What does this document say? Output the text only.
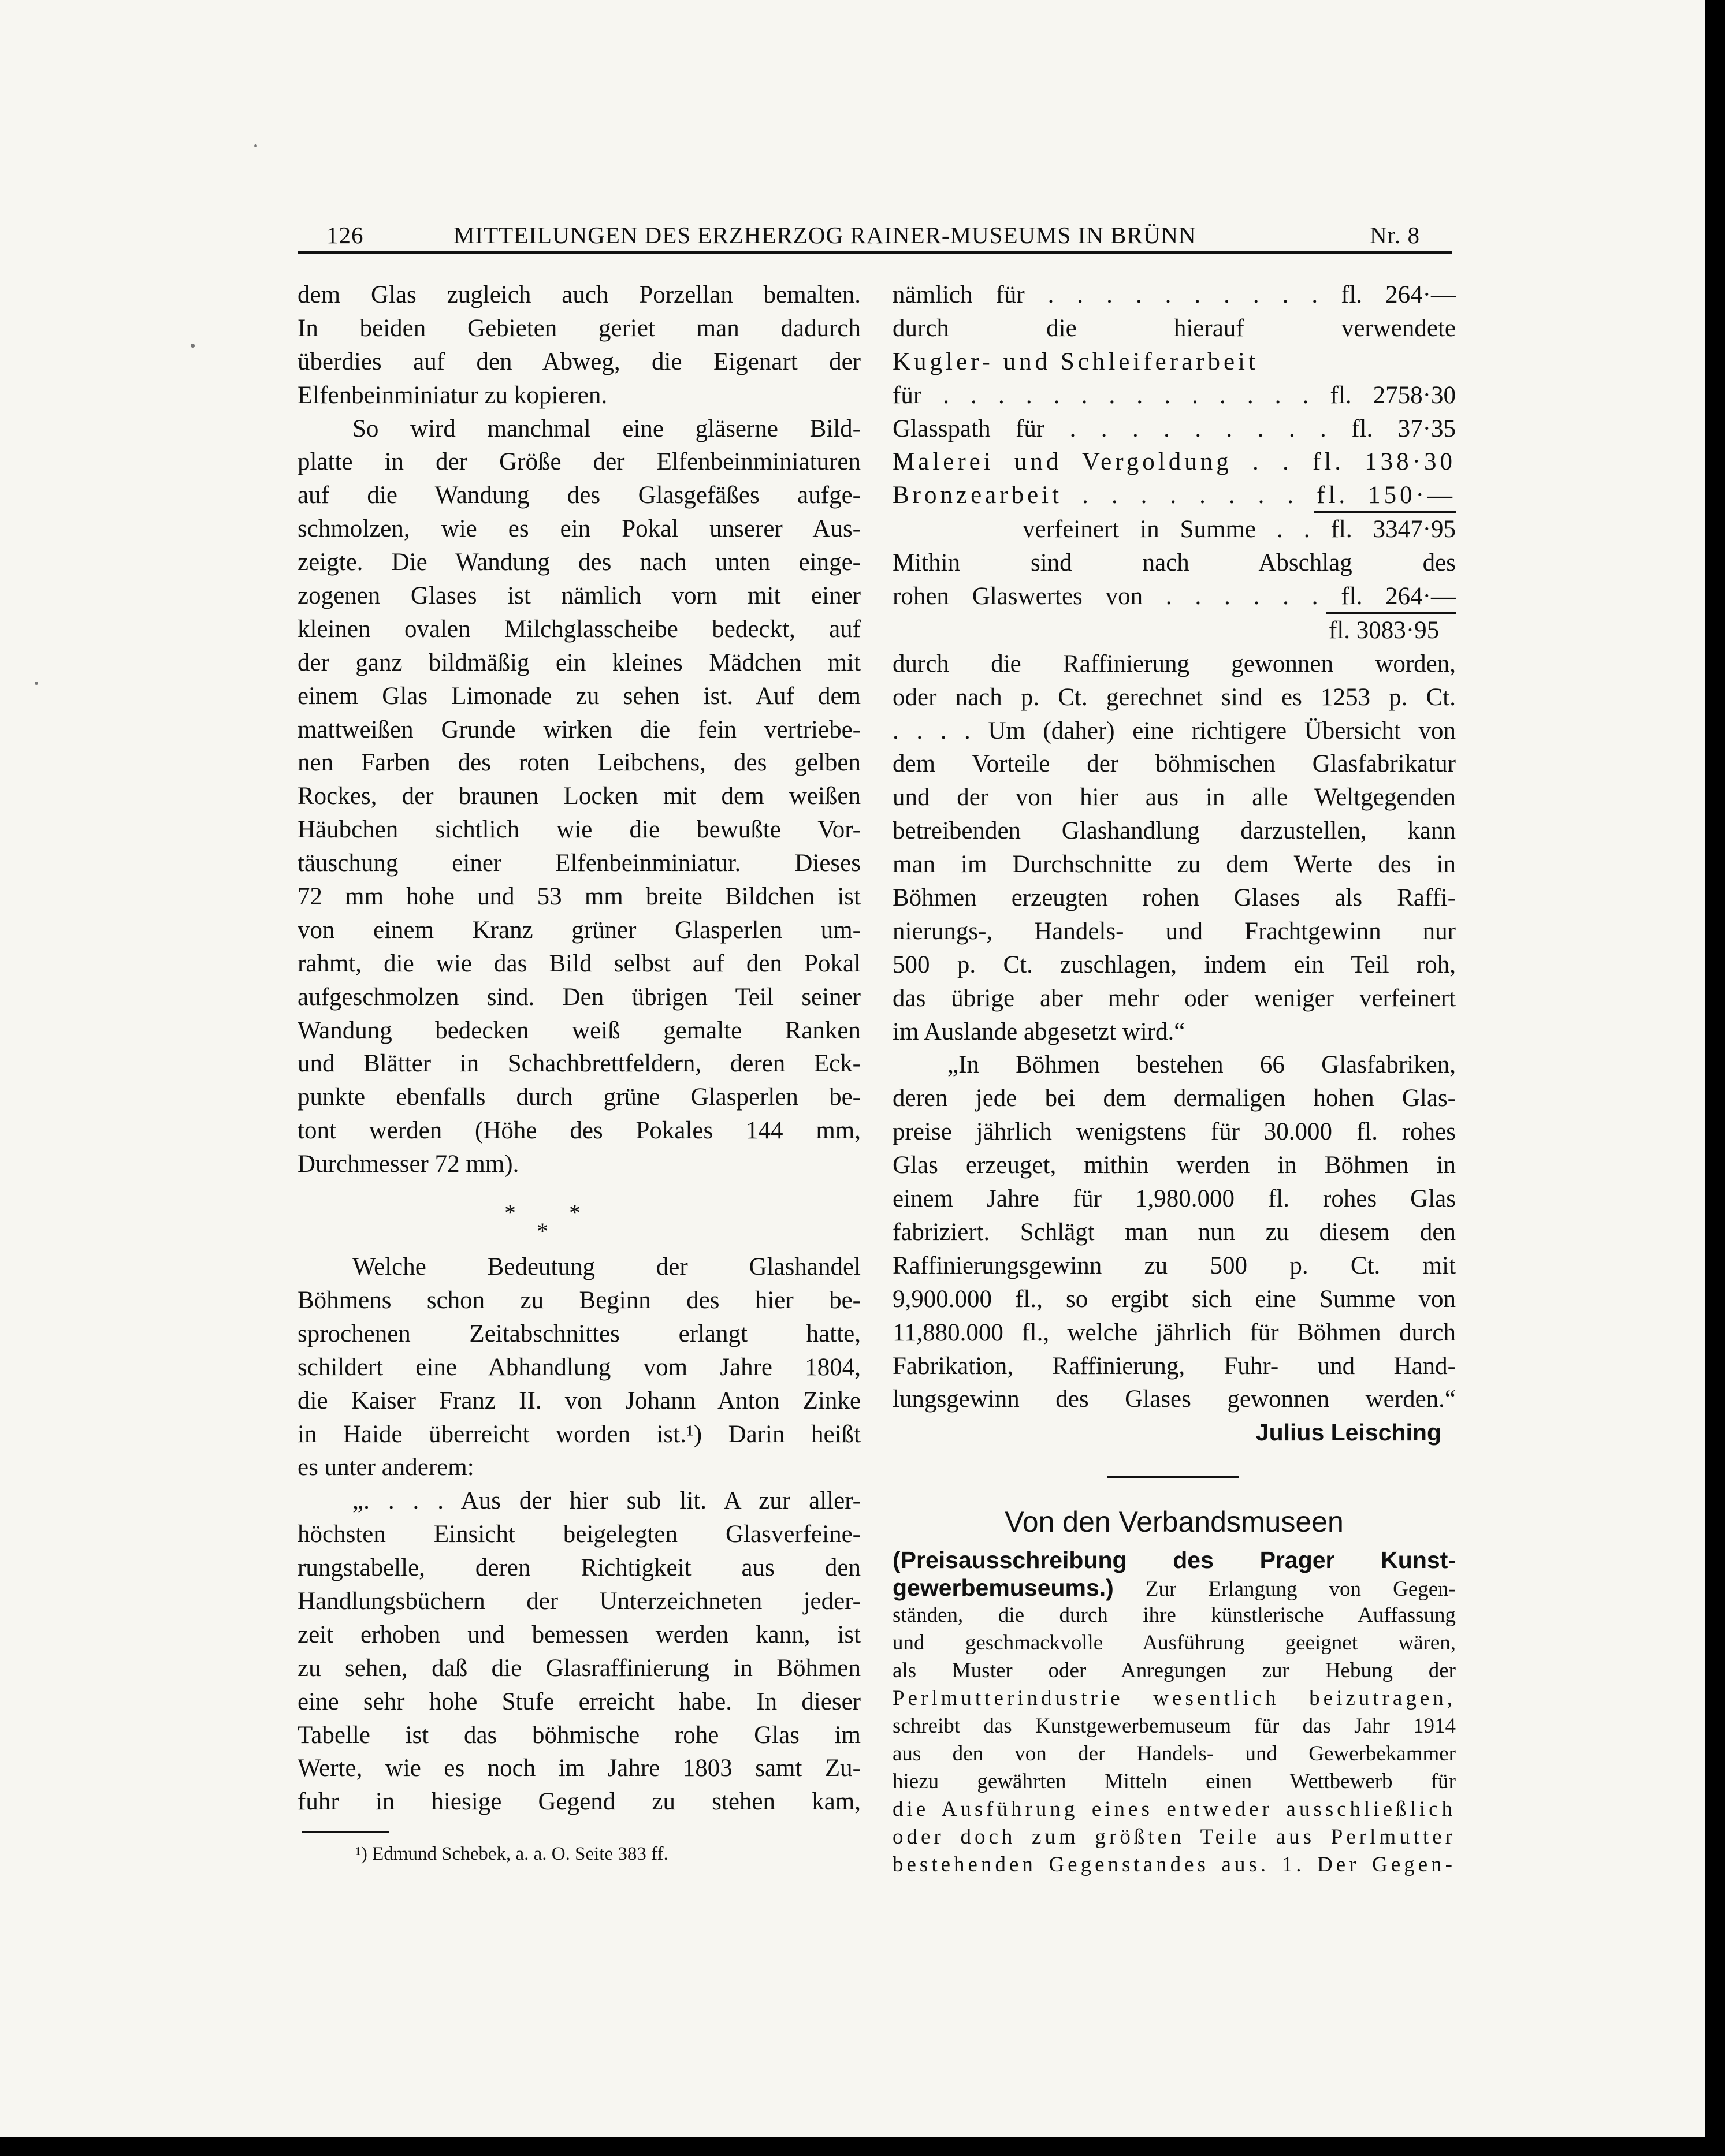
126	MITTEILUNGEN DES ERZHERZOG RAINER-MUSEUMS IN BRÜNN	Nr. 8
dem Glas zugleich auch Porzellan bemalten.
In beiden Gebieten geriet man dadurch
überdies auf den Abweg, die Eigenart der
Elfenbeinminiatur zu kopieren.
So wird manchmal eine gläserne Bild-
platte in der Größe der Elfenbeinminiaturen
auf die Wandung des Glasgefäßes aufge-
schmolzen, wie es ein Pokal unserer Aus-
zeigte. Die Wandung des nach unten einge-
zogenen Glases ist nämlich vorn mit einer
kleinen ovalen Milchglasscheibe bedeckt, auf
der ganz bildmäßig ein kleines Mädchen mit
einem Glas Limonade zu sehen ist. Auf dem
mattweißen Grunde wirken die fein vertriebe-
nen Farben des roten Leibchens, des gelben
Rockes, der braunen Locken mit dem weißen
Häubchen sichtlich wie die bewußte Vor-
täuschung einer Elfenbeinminiatur. Dieses
72 mm hohe und 53 mm breite Bildchen ist
von einem Kranz grüner Glasperlen um-
rahmt, die wie das Bild selbst auf den Pokal
aufgeschmolzen sind. Den übrigen Teil seiner
Wandung bedecken weiß gemalte Ranken
und Blätter in Schachbrettfeldern, deren Eck-
punkte ebenfalls durch grüne Glasperlen be-
tont werden (Höhe des Pokales 144 mm,
Durchmesser 72 mm).
* *
*
Welche Bedeutung der Glashandel
Böhmens schon zu Beginn des hier be-
sprochenen Zeitabschnittes erlangt hatte,
schildert eine Abhandlung vom Jahre 1804,
die Kaiser Franz II. von Johann Anton Zinke
in Haide überreicht worden ist.¹) Darin heißt
es unter anderem:
„. . . . Aus der hier sub lit. A zur aller-
höchsten Einsicht beigelegten Glasverfeine-
rungstabelle, deren Richtigkeit aus den
Handlungsbüchern der Unterzeichneten jeder-
zeit erhoben und bemessen werden kann, ist
zu sehen, daß die Glasraffinierung in Böhmen
eine sehr hohe Stufe erreicht habe. In dieser
Tabelle ist das böhmische rohe Glas im
Werte, wie es noch im Jahre 1803 samt Zu-
fuhr in hiesige Gegend zu stehen kam,
¹) Edmund Schebek, a. a. O. Seite 383 ff.
nämlich für . . . . . . . . . . fl. 264·—
durch die hierauf verwendete
Kugler- und Schleiferarbeit
für . . . . . . . . . . . . . . fl. 2758·30
Glasspath für . . . . . . . . . fl. 37·35
Malerei und Vergoldung . . fl. 138·30
Bronzearbeit . . . . . . . . fl. 150·—
verfeinert in Summe . . fl. 3347·95
Mithin sind nach Abschlag des
rohen Glaswertes von . . . . . . fl. 264·—
fl. 3083·95
durch die Raffinierung gewonnen worden,
oder nach p. Ct. gerechnet sind es 1253 p. Ct.
. . . . Um (daher) eine richtigere Übersicht von
dem Vorteile der böhmischen Glasfabrikatur
und der von hier aus in alle Weltgegenden
betreibenden Glashandlung darzustellen, kann
man im Durchschnitte zu dem Werte des in
Böhmen erzeugten rohen Glases als Raffi-
nierungs-, Handels- und Frachtgewinn nur
500 p. Ct. zuschlagen, indem ein Teil roh,
das übrige aber mehr oder weniger verfeinert
im Auslande abgesetzt wird.“
„In Böhmen bestehen 66 Glasfabriken,
deren jede bei dem dermaligen hohen Glas-
preise jährlich wenigstens für 30.000 fl. rohes
Glas erzeuget, mithin werden in Böhmen in
einem Jahre für 1,980.000 fl. rohes Glas
fabriziert. Schlägt man nun zu diesem den
Raffinierungsgewinn zu 500 p. Ct. mit
9,900.000 fl., so ergibt sich eine Summe von
11,880.000 fl., welche jährlich für Böhmen durch
Fabrikation, Raffinierung, Fuhr- und Hand-
lungsgewinn des Glases gewonnen werden.“
Julius Leisching
Von den Verbandsmuseen
(Preisausschreibung des Prager Kunst-
gewerbemuseums.) Zur Erlangung von Gegen-
ständen, die durch ihre künstlerische Auffassung
und geschmackvolle Ausführung geeignet wären,
als Muster oder Anregungen zur Hebung der
Perlmutterindustrie wesentlich beizutragen,
schreibt das Kunstgewerbemuseum für das Jahr 1914
aus den von der Handels- und Gewerbekammer
hiezu gewährten Mitteln einen Wettbewerb für
die Ausführung eines entweder ausschließlich
oder doch zum größten Teile aus Perlmutter
bestehenden Gegenstandes aus. 1. Der Gegen-
